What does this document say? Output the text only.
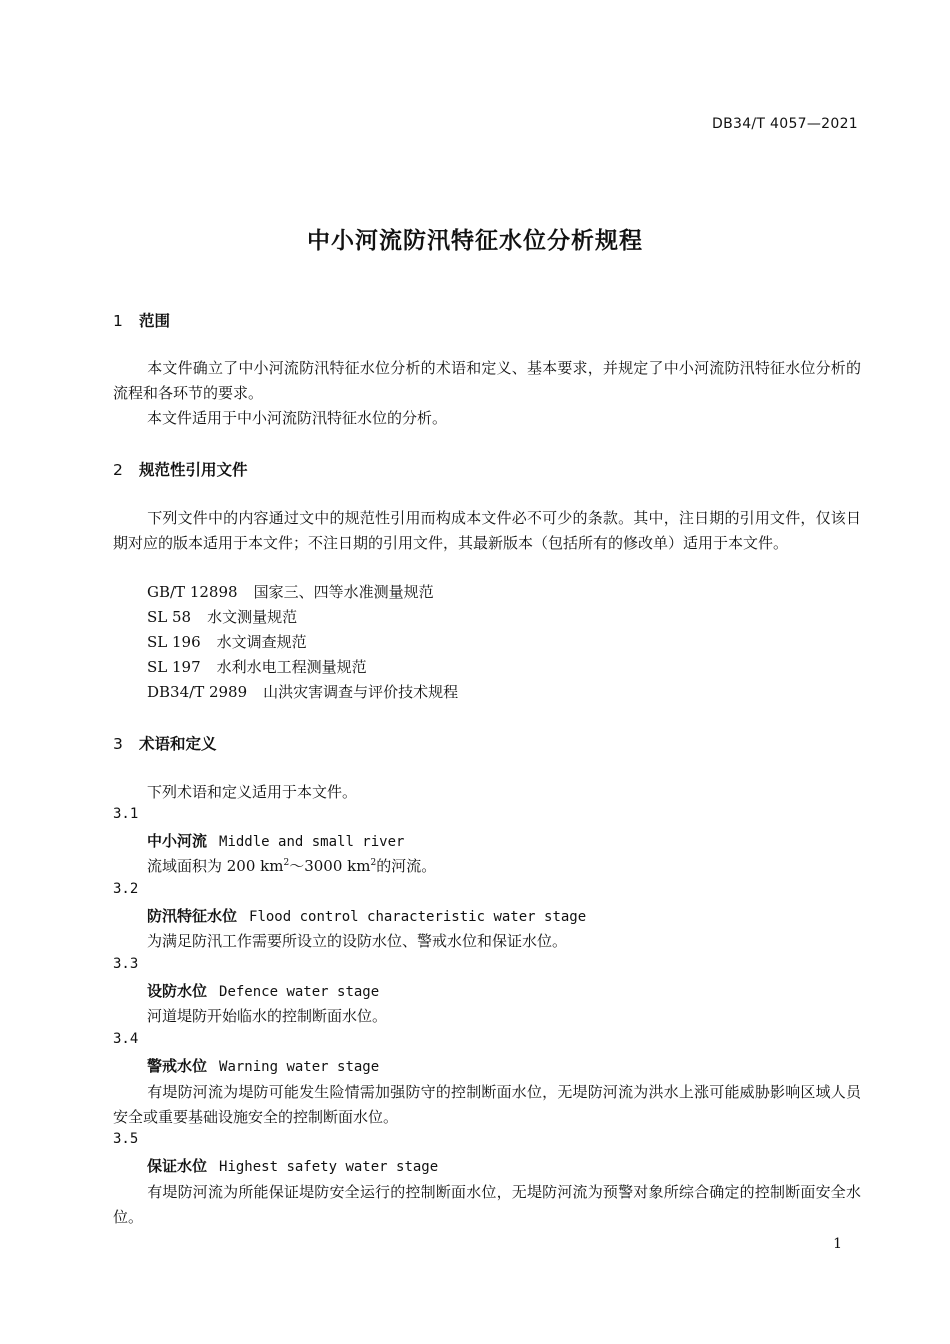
DB34/T 4057—2021
中小河流防汛特征水位分析规程
1 范围
本文件确立了中小河流防汛特征水位分析的术语和定义、基本要求，并规定了中小河流防汛特征水位分析的流程和各环节的要求。
本文件适用于中小河流防汛特征水位的分析。
2 规范性引用文件
下列文件中的内容通过文中的规范性引用而构成本文件必不可少的条款。其中，注日期的引用文件，仅该日期对应的版本适用于本文件；不注日期的引用文件，其最新版本（包括所有的修改单）适用于本文件。
GB/T 12898 国家三、四等水准测量规范
SL 58 水文测量规范
SL 196 水文调查规范
SL 197 水利水电工程测量规范
DB34/T 2989 山洪灾害调查与评价技术规程
3 术语和定义
下列术语和定义适用于本文件。
3.1
中小河流 Middle and small river
流域面积为 200 $km^2\sim 3000$ $km^2$的河流。
3.2
防汛特征水位 Flood control characteristic water stage
为满足防汛工作需要所设立的设防水位、警戒水位和保证水位。
3.3
设防水位 Defence water stage
河道堤防开始临水的控制断面水位。
3.4
警戒水位 Warning water stage
有堤防河流为堤防可能发生险情需加强防守的控制断面水位，无堤防河流为洪水上涨可能威胁影响区域人员安全或重要基础设施安全的控制断面水位。
3.5
保证水位 Highest safety water stage
有堤防河流为所能保证堤防安全运行的控制断面水位，无堤防河流为预警对象所综合确定的控制断面安全水位。
1
